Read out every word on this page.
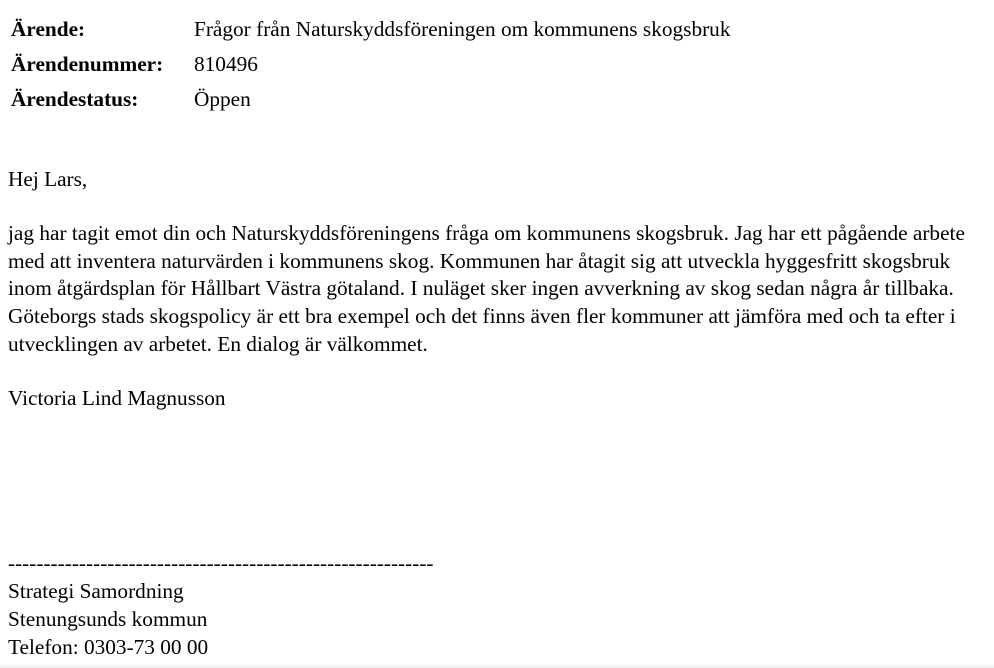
Ärende:	Frågor från Naturskyddsföreningen om kommunens skogsbruk
Ärendenummer:	810496
Ärendestatus:	Öppen

Hej Lars,

jag har tagit emot din och Naturskyddsföreningens fråga om kommunens skogsbruk. Jag har ett pågående arbete med att inventera naturvärden i kommunens skog. Kommunen har åtagit sig att utveckla hyggesfritt skogsbruk inom åtgärdsplan för Hållbart Västra götaland. I nuläget sker ingen avverkning av skog sedan några år tillbaka. Göteborgs stads skogspolicy är ett bra exempel och det finns även fler kommuner att jämföra med och ta efter i utvecklingen av arbetet. En dialog är välkommet.

Victoria Lind Magnusson

------------------------------------------------------------
Strategi Samordning
Stenungsunds kommun
Telefon: 0303-73 00 00
